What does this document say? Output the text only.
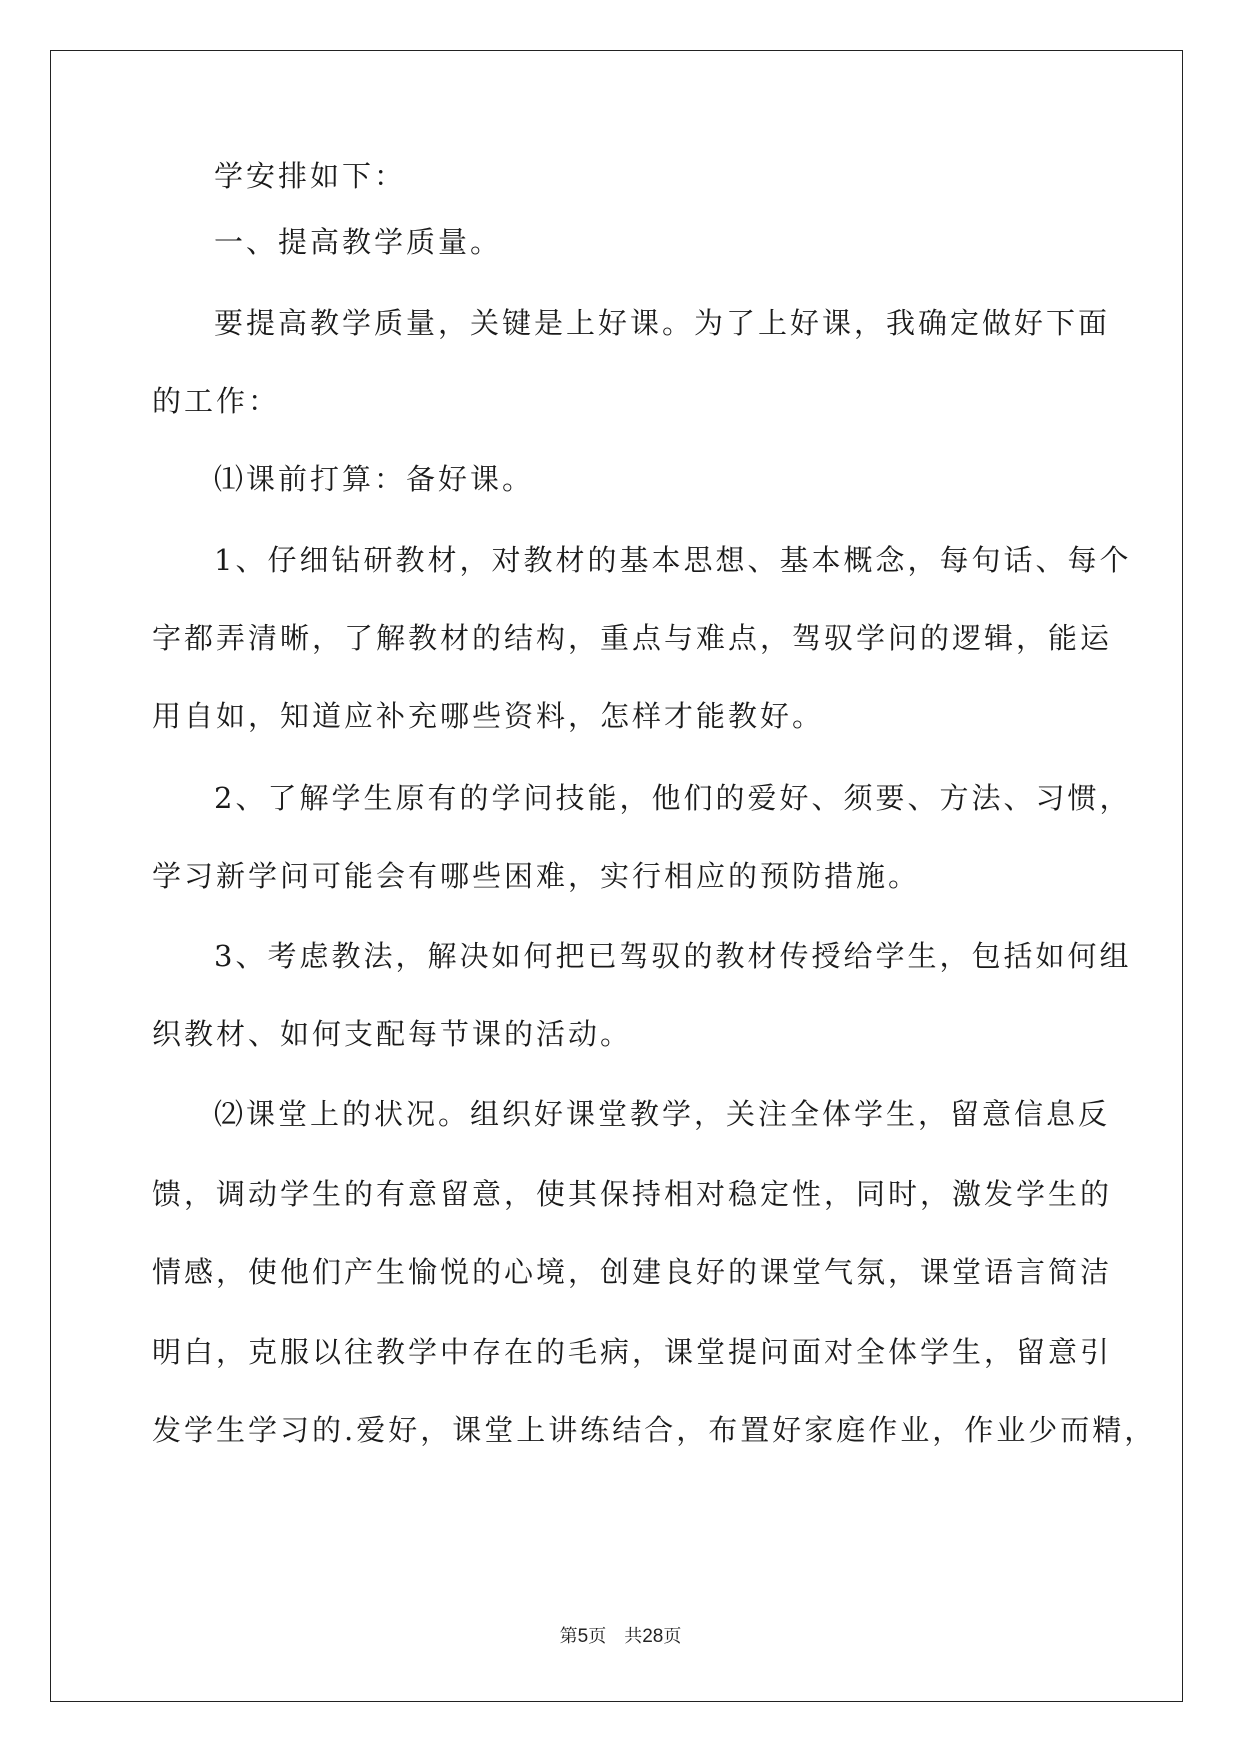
学安排如下：
一、提高教学质量。
要提高教学质量，关键是上好课。为了上好课，我确定做好下面
的工作：
⑴课前打算：备好课。
1、仔细钻研教材，对教材的基本思想、基本概念，每句话、每个
字都弄清晰，了解教材的结构，重点与难点，驾驭学问的逻辑，能运
用自如，知道应补充哪些资料，怎样才能教好。
2、了解学生原有的学问技能，他们的爱好、须要、方法、习惯，
学习新学问可能会有哪些困难，实行相应的预防措施。
3、考虑教法，解决如何把已驾驭的教材传授给学生，包括如何组
织教材、如何支配每节课的活动。
⑵课堂上的状况。组织好课堂教学，关注全体学生，留意信息反
馈，调动学生的有意留意，使其保持相对稳定性，同时，激发学生的
情感，使他们产生愉悦的心境，创建良好的课堂气氛，课堂语言简洁
明白，克服以往教学中存在的毛病，课堂提问面对全体学生，留意引
发学生学习的.爱好，课堂上讲练结合，布置好家庭作业，作业少而精，
第5页 共28页
